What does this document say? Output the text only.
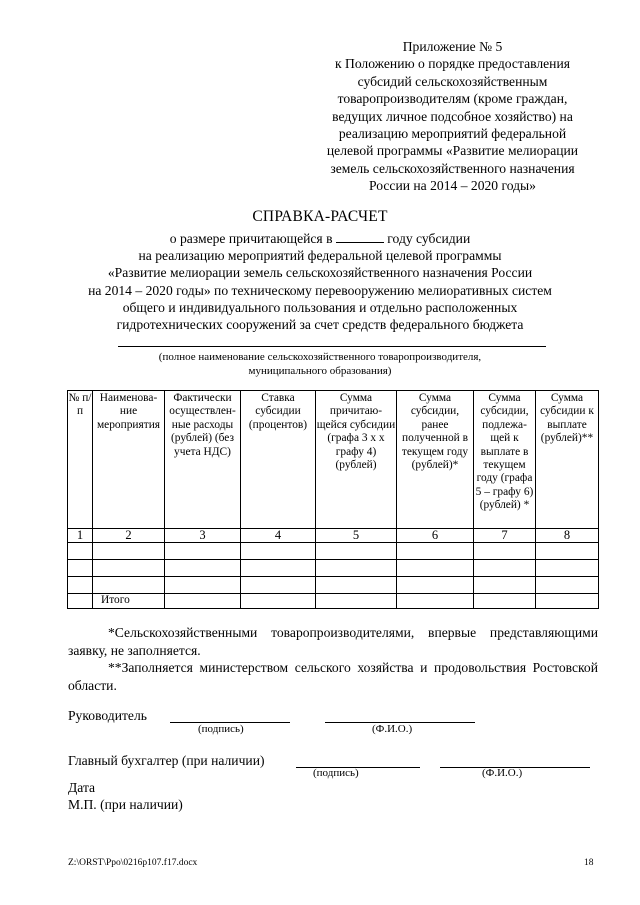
Приложение № 5
к Положению о порядке предоставления
субсидий сельскохозяйственным
товаропроизводителям (кроме граждан,
ведущих личное подсобное хозяйство) на
реализацию мероприятий федеральной
целевой программы «Развитие мелиорации
земель сельскохозяйственного назначения
России на 2014 – 2020 годы»
СПРАВКА-РАСЧЕТ
о размере причитающейся в	году субсидии
на реализацию мероприятий федеральной целевой программы
«Развитие мелиорации земель сельскохозяйственного назначения России
на 2014 – 2020 годы» по техническому перевооружению мелиоративных систем
общего и индивидуального пользования и отдельно расположенных
гидротехнических сооружений за счет средств федерального бюджета
(полное наименование сельскохозяйственного товаропроизводителя,
муниципального образования)
№ п/п	Наименова- ние мероприятия	Фактически осуществлен- ные расходы (рублей) (без учета НДС)	Ставка субсидии (процентов)	Сумма причитаю- щейся субсидии (графа 3 х х графу 4) (рублей)	Сумма субсидии, ранее полученной в текущем году (рублей)*	Сумма субсидии, подлежа- щей к выплате в текущем году (графа 5 – графу 6) (рублей) *	Сумма субсидии к выплате (рублей)**
1	2	3	4	5	6	7	8

	Итого						
*Сельскохозяйственными товаропроизводителями, впервые представляющими заявку, не заполняется.
**Заполняется министерством сельского хозяйства и продовольствия Ростовской области.
Руководитель
(подпись)	(Ф.И.О.)
Главный бухгалтер (при наличии)
(подпись)	(Ф.И.О.)
Дата
М.П. (при наличии)
Z:\ORST\Ppo\0216p107.f17.docx	18
